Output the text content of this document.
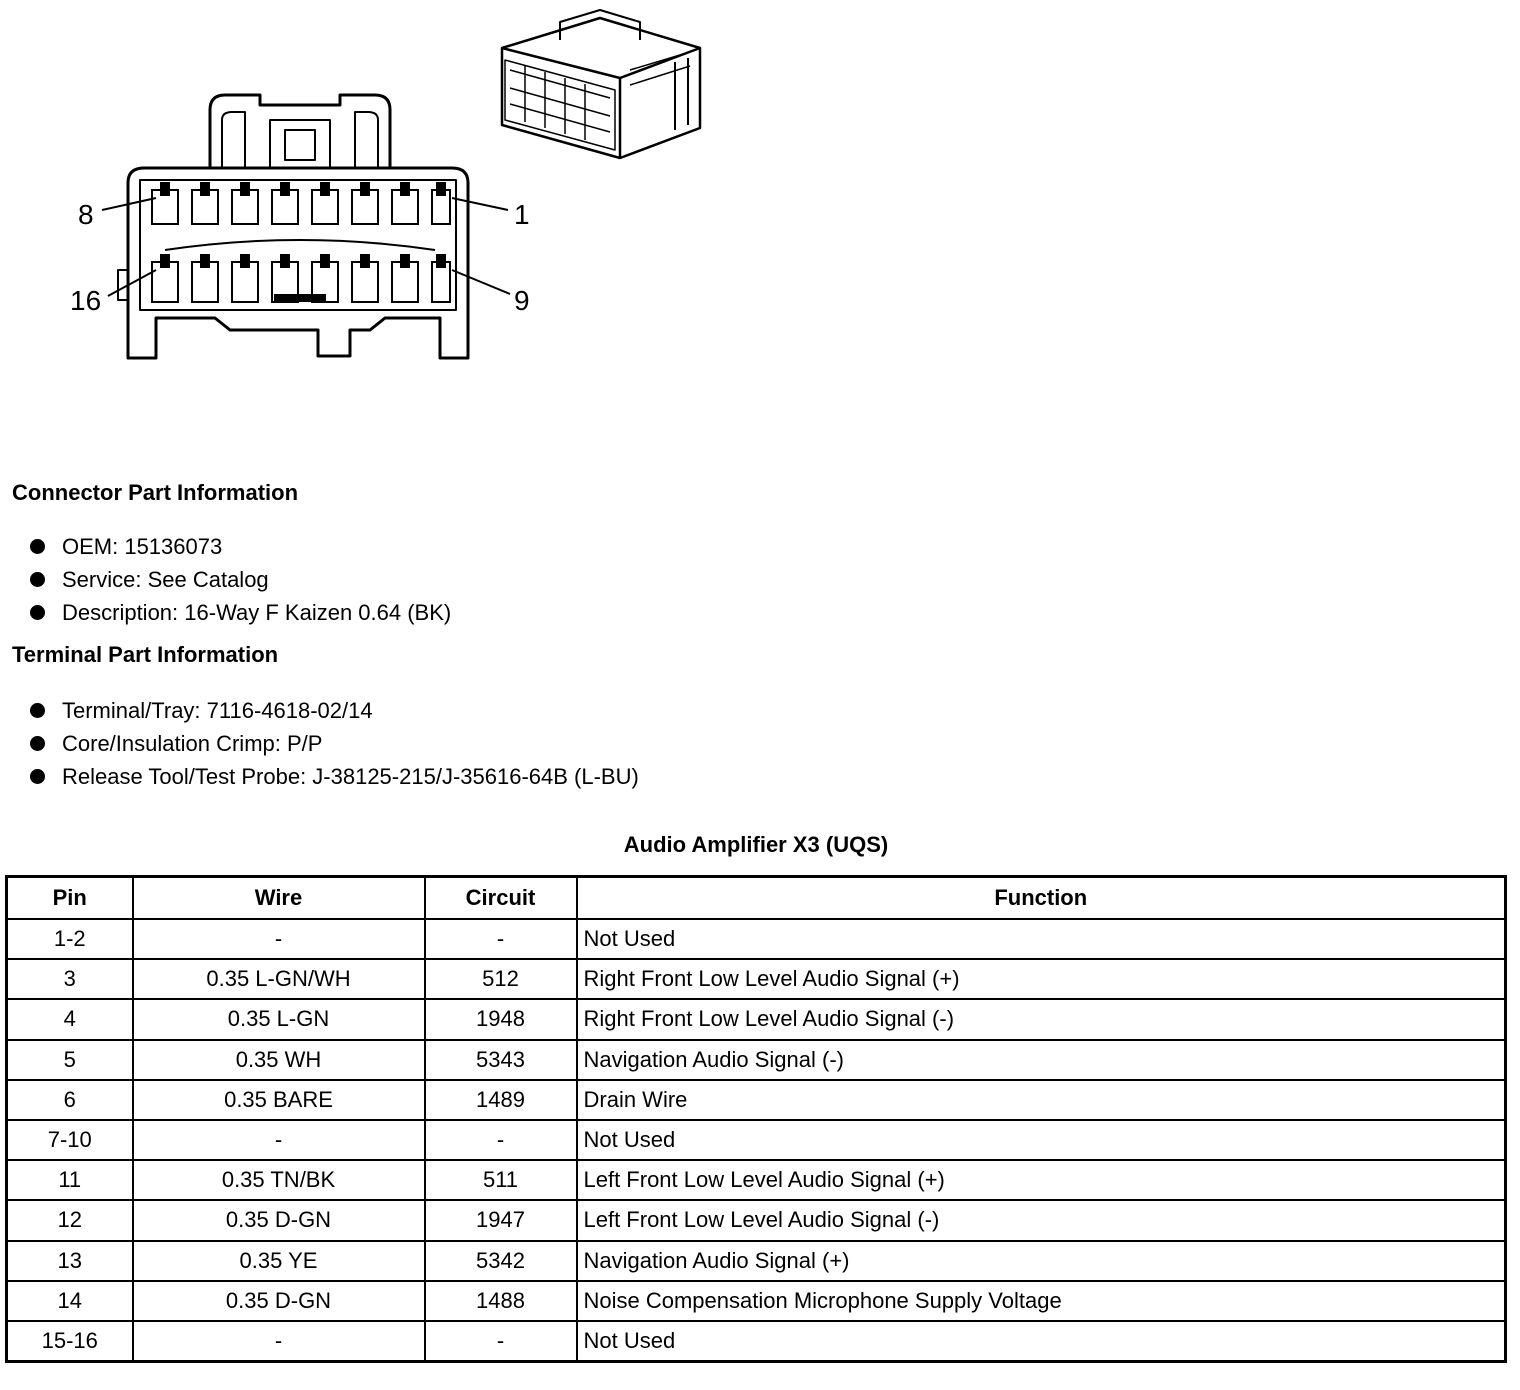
8	1
16	9
Connector Part Information
OEM: 15136073
Service: See Catalog
Description: 16-Way F Kaizen 0.64 (BK)
Terminal Part Information
Terminal/Tray: 7116-4618-02/14
Core/Insulation Crimp: P/P
Release Tool/Test Probe: J-38125-215/J-35616-64B (L-BU)
Audio Amplifier X3 (UQS)
Pin	Wire	Circuit	Function
1-2	-	-	Not Used
3	0.35 L-GN/WH	512	Right Front Low Level Audio Signal (+)
4	0.35 L-GN	1948	Right Front Low Level Audio Signal (-)
5	0.35 WH	5343	Navigation Audio Signal (-)
6	0.35 BARE	1489	Drain Wire
7-10	-	-	Not Used
11	0.35 TN/BK	511	Left Front Low Level Audio Signal (+)
12	0.35 D-GN	1947	Left Front Low Level Audio Signal (-)
13	0.35 YE	5342	Navigation Audio Signal (+)
14	0.35 D-GN	1488	Noise Compensation Microphone Supply Voltage
15-16	-	-	Not Used
